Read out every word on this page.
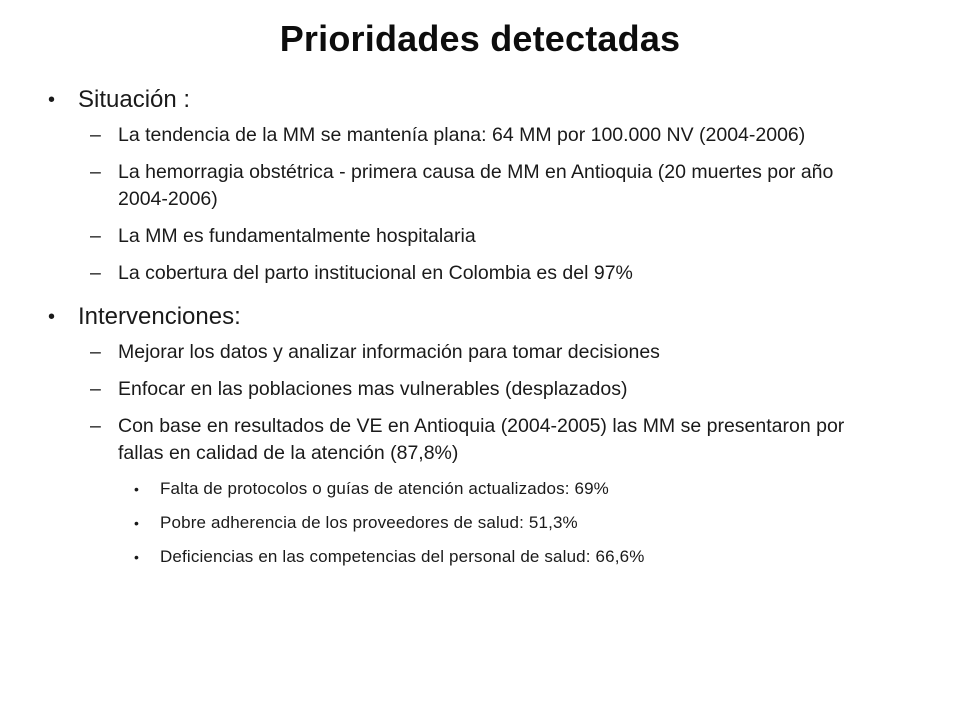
Prioridades detectadas
• Situación :
– La tendencia de la MM se mantenía plana: 64 MM por 100.000 NV (2004-2006)
– La hemorragia obstétrica - primera causa de MM en Antioquia (20 muertes por año 2004-2006)
– La MM es fundamentalmente hospitalaria
– La cobertura del parto institucional en Colombia es del 97%
• Intervenciones:
– Mejorar los datos y analizar información para tomar decisiones
– Enfocar en las poblaciones mas vulnerables (desplazados)
– Con base en resultados de VE en Antioquia (2004-2005) las MM se presentaron por fallas en calidad de la atención (87,8%)
• Falta de protocolos o guías de atención actualizados: 69%
• Pobre adherencia de los proveedores de salud: 51,3%
• Deficiencias en las competencias del personal de salud: 66,6%
